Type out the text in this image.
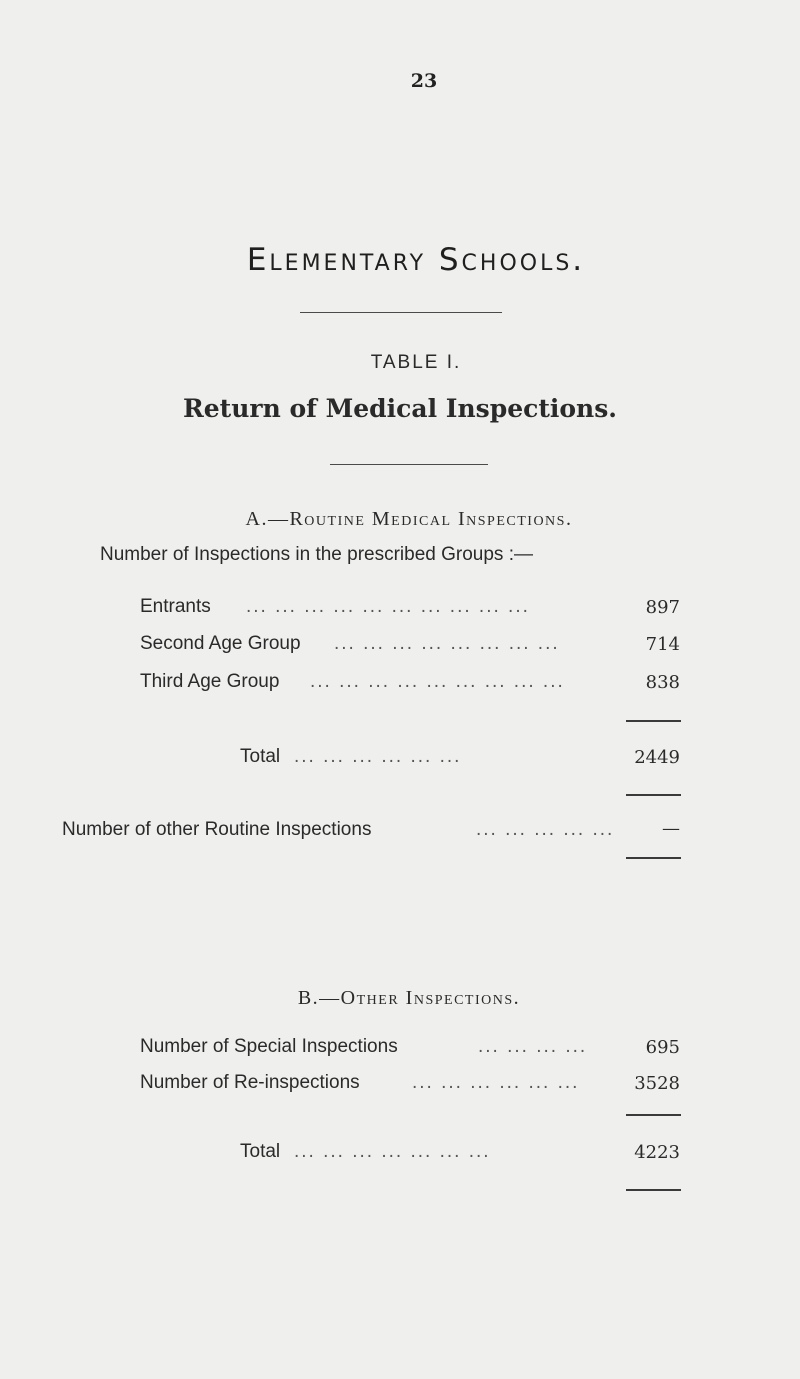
23
Elementary Schools.
TABLE I.
Return of Medical Inspections.
A.—Routine Medical Inspections.
Number of Inspections in the prescribed Groups :—
Entrants ... ... ... ... ... ... ... ... ... ...	897
Second Age Group ... ... ... ... ... ... ... ...	714
Third Age Group ... ... ... ... ... ... ... ... ...	838
Total ... ... ... ... ... ...	2449
Number of other Routine Inspections	... ... ... ... ...	—
B.—Other Inspections.
Number of Special Inspections	... ... ... ...	695
Number of Re-inspections	... ... ... ... ... ...	3528
Total ... ... ... ... ... ... ...	4223
